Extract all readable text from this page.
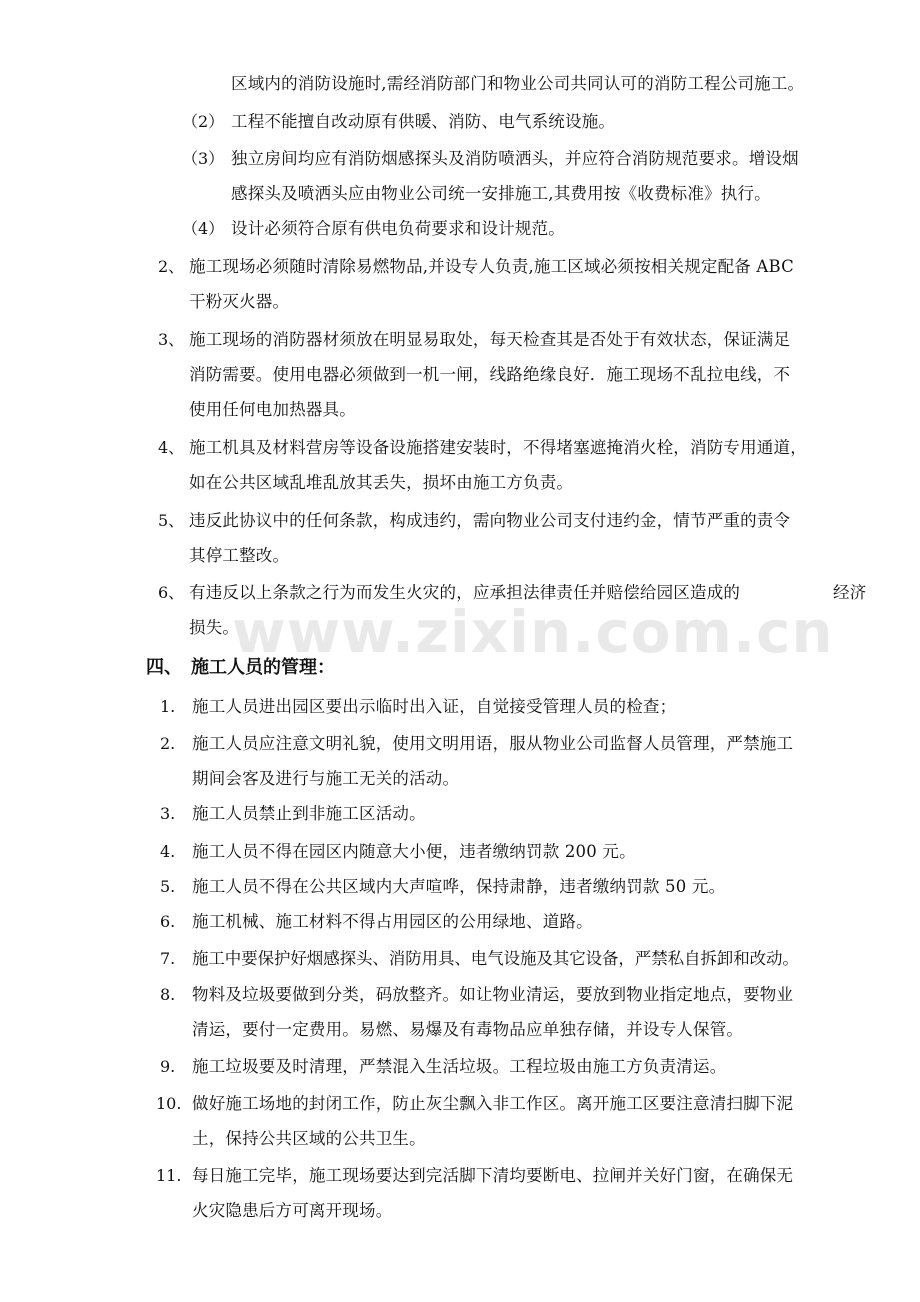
www.zixin.com.cn
区域内的消防设施时,需经消防部门和物业公司共同认可的消防工程公司施工。
（2） 工程不能擅自改动原有供暖、消防、电气系统设施。
（3） 独立房间均应有消防烟感探头及消防喷洒头，并应符合消防规范要求。增设烟
感探头及喷洒头应由物业公司统一安排施工,其费用按《收费标准》执行。
（4） 设计必须符合原有供电负荷要求和设计规范。
2、 施工现场必须随时清除易燃物品,并设专人负责,施工区域必须按相关规定配备 ABC
干粉灭火器。
3、 施工现场的消防器材须放在明显易取处，每天检查其是否处于有效状态，保证满足
消防需要。使用电器必须做到一机一闸，线路绝缘良好．施工现场不乱拉电线，不
使用任何电加热器具。
4、 施工机具及材料营房等设备设施搭建安装时，不得堵塞遮掩消火栓，消防专用通道，
如在公共区域乱堆乱放其丢失，损坏由施工方负责。
5、 违反此协议中的任何条款，构成违约，需向物业公司支付违约金，情节严重的责令
其停工整改。
6、 有违反以上条款之行为而发生火灾的，应承担法律责任并赔偿给园区造成的	经济
损失。
四、　施工人员的管理：
1. 施工人员进出园区要出示临时出入证，自觉接受管理人员的检查；
2. 施工人员应注意文明礼貌，使用文明用语，服从物业公司监督人员管理，严禁施工
期间会客及进行与施工无关的活动。
3. 施工人员禁止到非施工区活动。
4. 施工人员不得在园区内随意大小便，违者缴纳罚款 200 元。
5. 施工人员不得在公共区域内大声喧哗，保持肃静，违者缴纳罚款 50 元。
6. 施工机械、施工材料不得占用园区的公用绿地、道路。
7. 施工中要保护好烟感探头、消防用具、电气设施及其它设备，严禁私自拆卸和改动。
8. 物料及垃圾要做到分类，码放整齐。如让物业清运，要放到物业指定地点，要物业
清运，要付一定费用。易燃、易爆及有毒物品应单独存储，并设专人保管。
9. 施工垃圾要及时清理，严禁混入生活垃圾。工程垃圾由施工方负责清运。
10. 做好施工场地的封闭工作，防止灰尘飘入非工作区。离开施工区要注意清扫脚下泥
土，保持公共区域的公共卫生。
11. 每日施工完毕，施工现场要达到完活脚下清均要断电、拉闸并关好门窗，在确保无
火灾隐患后方可离开现场。
